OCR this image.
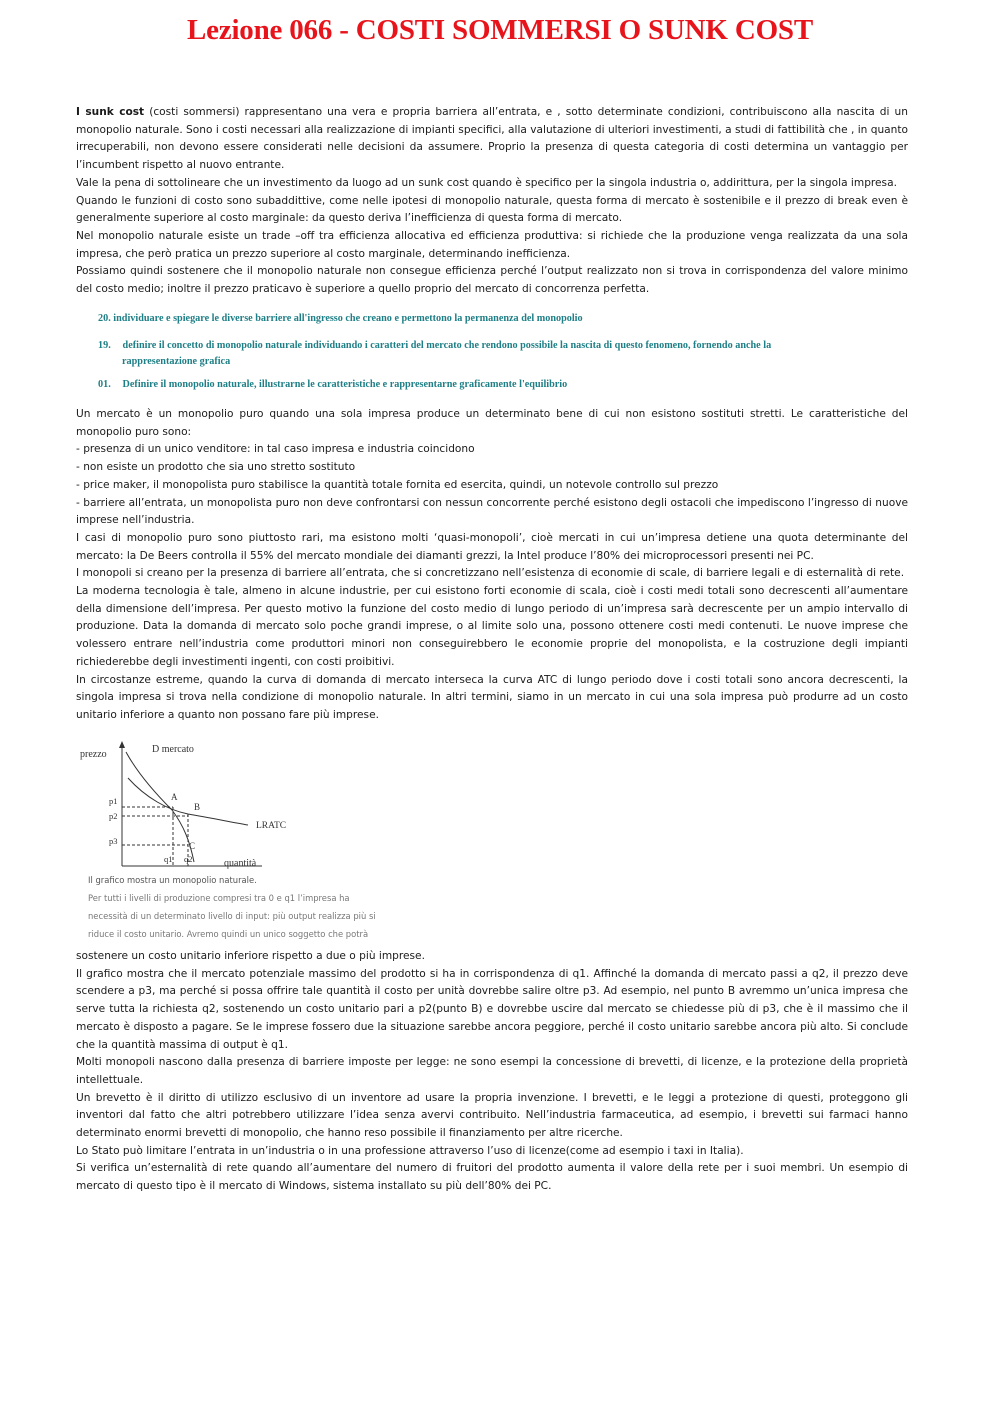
Lezione 066 - COSTI SOMMERSI O SUNK COST

I sunk cost (costi sommersi) rappresentano una vera e propria barriera all’entrata, e , sotto determinate condizioni, contribuiscono alla nascita di un monopolio naturale. Sono i costi necessari alla realizzazione di impianti specifici, alla valutazione di ulteriori investimenti, a studi di fattibilità che , in quanto irrecuperabili, non devono essere considerati nelle decisioni da assumere. Proprio la presenza di questa categoria di costi determina un vantaggio per l’incumbent rispetto al nuovo entrante.

Vale la pena di sottolineare che un investimento da luogo ad un sunk cost quando è specifico per la singola industria o, addirittura, per la singola impresa.

Quando le funzioni di costo sono subaddittive, come nelle ipotesi di monopolio naturale, questa forma di mercato è sostenibile e il prezzo di break even è generalmente superiore al costo marginale: da questo deriva l’inefficienza di questa forma di mercato.

Nel monopolio naturale esiste un trade –off tra efficienza allocativa ed efficienza produttiva: si richiede che la produzione venga realizzata da una sola impresa, che però pratica un prezzo superiore al costo marginale, determinando inefficienza.

Possiamo quindi sostenere che il monopolio naturale non consegue efficienza perché l’output realizzato non si trova in corrispondenza del valore minimo del costo medio; inoltre il prezzo praticavo è superiore a quello proprio del mercato di concorrenza perfetta.

20. individuare e spiegare le diverse barriere all'ingresso che creano e permettono la permanenza del monopolio
19. definire il concetto di monopolio naturale individuando i caratteri del mercato che rendono possibile la nascita di questo fenomeno, fornendo anche la
rappresentazione grafica
01. Definire il monopolio naturale, illustrarne le caratteristiche e rappresentarne graficamente l'equilibrio

Un mercato è un monopolio puro quando una sola impresa produce un determinato bene di cui non esistono sostituti stretti. Le caratteristiche del monopolio puro sono:

- presenza di un unico venditore: in tal caso impresa e industria coincidono

- non esiste un prodotto che sia uno stretto sostituto

- price maker, il monopolista puro stabilisce la quantità totale fornita ed esercita, quindi, un notevole controllo sul prezzo

- barriere all’entrata, un monopolista puro non deve confrontarsi con nessun concorrente perché esistono degli ostacoli che impediscono l’ingresso di nuove imprese nell’industria.

I casi di monopolio puro sono piuttosto rari, ma esistono molti ‘quasi-monopoli’, cioè mercati in cui un’impresa detiene una quota determinante del mercato: la De Beers controlla il 55% del mercato mondiale dei diamanti grezzi, la Intel produce l’80% dei microprocessori presenti nei PC.

I monopoli si creano per la presenza di barriere all’entrata, che si concretizzano nell’esistenza di economie di scale, di barriere legali e di esternalità di rete.

La moderna tecnologia è tale, almeno in alcune industrie, per cui esistono forti economie di scala, cioè i costi medi totali sono decrescenti all’aumentare della dimensione dell’impresa. Per questo motivo la funzione del costo medio di lungo periodo di un’impresa sarà decrescente per un ampio intervallo di produzione. Data la domanda di mercato solo poche grandi imprese, o al limite solo una, possono ottenere costi medi contenuti. Le nuove imprese che volessero entrare nell’industria come produttori minori non conseguirebbero le economie proprie del monopolista, e la costruzione degli impianti richiederebbe degli investimenti ingenti, con costi proibitivi.

In circostanze estreme, quando la curva di domanda di mercato interseca la curva ATC di lungo periodo dove i costi totali sono ancora decrescenti, la singola impresa si trova nella condizione di monopolio naturale. In altri termini, siamo in un mercato in cui una sola impresa può produrre ad un costo unitario inferiore a quanto non possano fare più imprese.

prezzo	D mercato
LRATC
A
B
C
p1
p2
p3
q1 q2	quantità

Il grafico mostra un monopolio naturale.

Per tutti i livelli di produzione compresi tra 0 e q1 l’impresa ha

necessità di un determinato livello di input: più output realizza più si

riduce il costo unitario. Avremo quindi un unico soggetto che potrà

sostenere un costo unitario inferiore rispetto a due o più imprese.

Il grafico mostra che il mercato potenziale massimo del prodotto si ha in corrispondenza di q1. Affinché la domanda di mercato passi a q2, il prezzo deve scendere a p3, ma perché si possa offrire tale quantità il costo per unità dovrebbe salire oltre p3. Ad esempio, nel punto B avremmo un’unica impresa che serve tutta la richiesta q2, sostenendo un costo unitario pari a p2(punto B) e dovrebbe uscire dal mercato se chiedesse più di p3, che è il massimo che il mercato è disposto a pagare. Se le imprese fossero due la situazione sarebbe ancora peggiore, perché il costo unitario sarebbe ancora più alto. Si conclude che la quantità massima di output è q1.

Molti monopoli nascono dalla presenza di barriere imposte per legge: ne sono esempi la concessione di brevetti, di licenze, e la protezione della proprietà intellettuale.

Un brevetto è il diritto di utilizzo esclusivo di un inventore ad usare la propria invenzione. I brevetti, e le leggi a protezione di questi, proteggono gli inventori dal fatto che altri potrebbero utilizzare l’idea senza avervi contribuito. Nell’industria farmaceutica, ad esempio, i brevetti sui farmaci hanno determinato enormi brevetti di monopolio, che hanno reso possibile il finanziamento per altre ricerche.

Lo Stato può limitare l’entrata in un’industria o in una professione attraverso l’uso di licenze(come ad esempio i taxi in Italia).

Si verifica un’esternalità di rete quando all’aumentare del numero di fruitori del prodotto aumenta il valore della rete per i suoi membri. Un esempio di mercato di questo tipo è il mercato di Windows, sistema installato su più dell’80% dei PC.
